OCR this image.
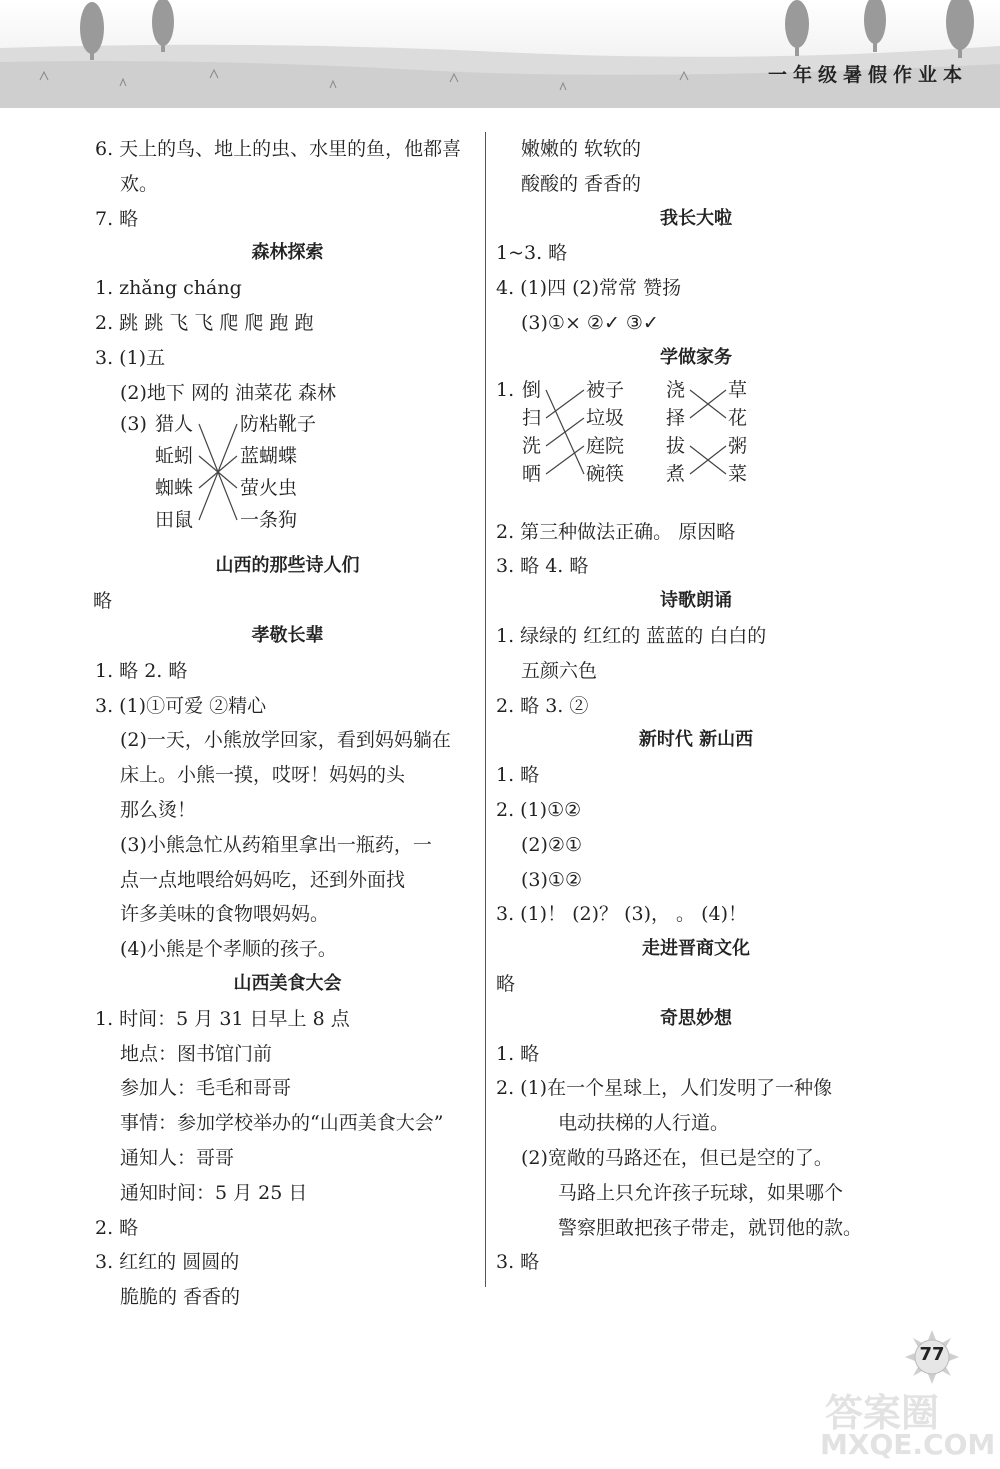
一年级暑假作业本
6. 天上的鸟、地上的虫、水里的鱼，他都喜
欢。
7. 略
森林探索
1. zhǎng cháng
2. 跳 跳 飞 飞 爬 爬 跑 跑
3. (1)五
(2)地下 网的 油菜花 森林
(3) 猎人
蚯蚓
蜘蛛
田鼠
防粘靴子
蓝蝴蝶
萤火虫
一条狗
山西的那些诗人们
略
孝敬长辈
1. 略 2. 略
3. (1)①可爱 ②精心
(2)一天，小熊放学回家，看到妈妈躺在
床上。小熊一摸，哎呀！妈妈的头
那么烫！
(3)小熊急忙从药箱里拿出一瓶药，一
点一点地喂给妈妈吃，还到外面找
许多美味的食物喂妈妈。
(4)小熊是个孝顺的孩子。
山西美食大会
1. 时间：5 月 31 日早上 8 点
地点：图书馆门前
参加人：毛毛和哥哥
事情：参加学校举办的“山西美食大会”
通知人：哥哥
通知时间：5 月 25 日
2. 略
3. 红红的 圆圆的
脆脆的 香香的
嫩嫩的 软软的
酸酸的 香香的
我长大啦
1~3. 略
4. (1)四 (2)常常 赞扬
(3)①× ②✓ ③✓
学做家务
1. 倒
扫
洗
晒
被子
垃圾
庭院
碗筷
浇
择
拔
煮
草
花
粥
菜
2. 第三种做法正确。 原因略
3. 略 4. 略
诗歌朗诵
1. 绿绿的 红红的 蓝蓝的 白白的
五颜六色
2. 略 3. ②
新时代 新山西
1. 略
2. (1)①②
(2)②①
(3)①②
3. (1)！ (2)？ (3)， 。 (4)！
走进晋商文化
略
奇思妙想
1. 略
2. (1)在一个星球上，人们发明了一种像
电动扶梯的人行道。
(2)宽敞的马路还在，但已是空的了。
马路上只允许孩子玩球，如果哪个
警察胆敢把孩子带走，就罚他的款。
3. 略
77
答案圈
MXQE.COM
